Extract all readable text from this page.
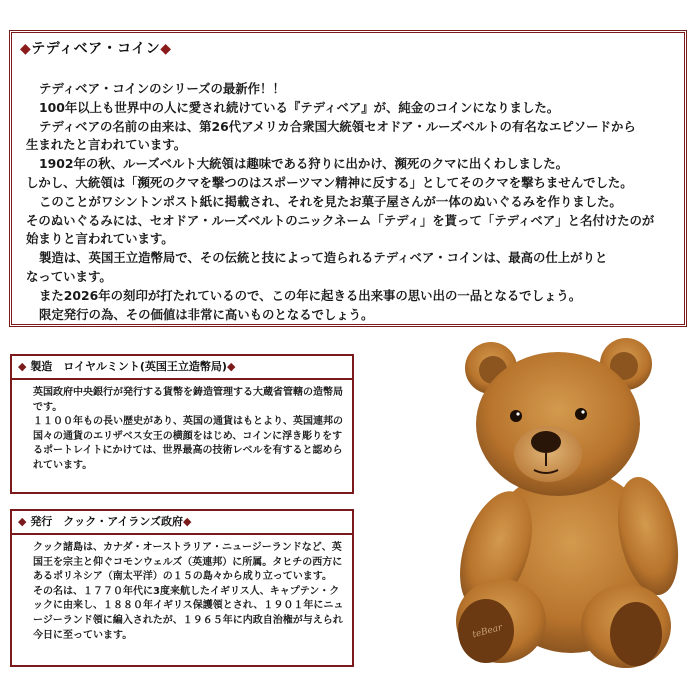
◆テディベア・コイン◆

テディベア・コインのシリーズの最新作！！

100年以上も世界中の人に愛され続けている『テディベア』が、純金のコインになりました。

テディベアの名前の由来は、第26代アメリカ合衆国大統領セオドア・ルーズベルトの有名なエピソードから

生まれたと言われています。

1902年の秋、ルーズベルト大統領は趣味である狩りに出かけ、瀕死のクマに出くわしました。

しかし、大統領は「瀕死のクマを撃つのはスポーツマン精神に反する」としてそのクマを撃ちませんでした。

このことがワシントンポスト紙に掲載され、それを見たお菓子屋さんが一体のぬいぐるみを作りました。

そのぬいぐるみには、セオドア・ルーズベルトのニックネーム「テディ」を貰って「テディベア」と名付けたのが

始まりと言われています。

製造は、英国王立造幣局で、その伝統と技によって造られるテディベア・コインは、最高の仕上がりと

なっています。

また2026年の刻印が打たれているので、この年に起きる出来事の思い出の一品となるでしょう。

限定発行の為、その価値は非常に高いものとなるでしょう。

◆ 製造　ロイヤルミント(英国王立造幣局)◆

英国政府中央銀行が発行する貨幣を鋳造管理する大蔵省管轄の造幣局です。

１１００年もの長い歴史があり、英国の通貨はもとより、英国連邦の国々の通貨のエリザベス女王の横顔をはじめ、コインに浮き彫りをするポートレイトにかけては、世界最高の技術レベルを有すると認められています。

◆ 発行　クック・アイランズ政府◆

クック諸島は、カナダ・オーストラリア・ニュージーランドなど、英国王を宗主と仰ぐコモンウェルズ（英連邦）に所属。タヒチの西方にあるポリネシア（南太平洋）の１５の島々から成り立っています。

その名は、１７７０年代に3度来航したイギリス人、キャプテン・クックに由来し、１８８０年イギリス保護領とされ、１９０１年にニュージーランド領に編入されたが、１９６５年に内政自治権が与えられ今日に至っています。	teBear
